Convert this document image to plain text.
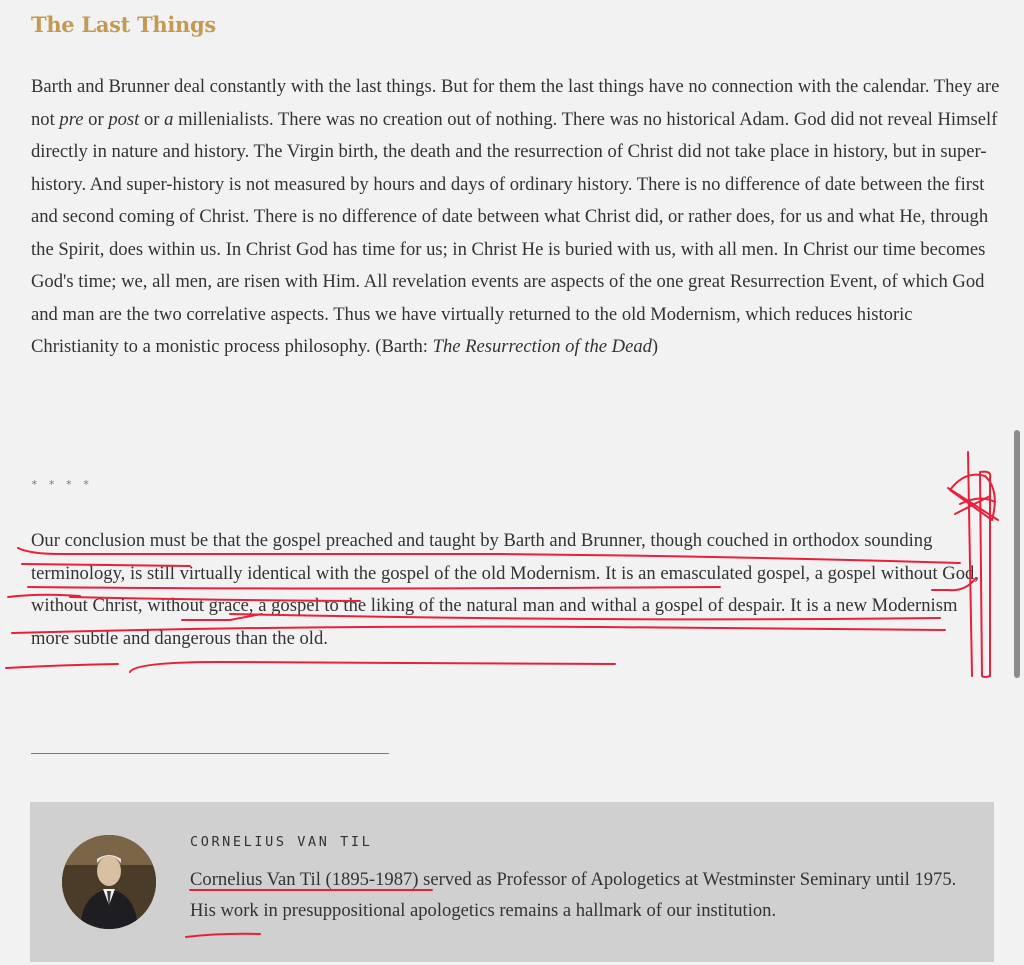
The Last Things

Barth and Brunner deal constantly with the last things. But for them the last things have no connection with the calendar. They are not pre or post or a millenialists. There was no creation out of nothing. There was no historical Adam. God did not reveal Himself directly in nature and history. The Virgin birth, the death and the resurrection of Christ did not take place in history, but in super-history. And super-history is not measured by hours and days of ordinary history. There is no difference of date between the first and second coming of Christ. There is no difference of date between what Christ did, or rather does, for us and what He, through the Spirit, does within us. In Christ God has time for us; in Christ He is buried with us, with all men. In Christ our time becomes God's time; we, all men, are risen with Him. All revelation events are aspects of the one great Resurrection Event, of which God and man are the two correlative aspects. Thus we have virtually returned to the old Modernism, which reduces historic Christianity to a monistic process philosophy. (Barth: The Resurrection of the Dead)

* * * *

Our conclusion must be that the gospel preached and taught by Barth and Brunner, though couched in orthodox sounding terminology, is still virtually identical with the gospel of the old Modernism. It is an emasculated gospel, a gospel without God, without Christ, without grace, a gospel to the liking of the natural man and withal a gospel of despair. It is a new Modernism more subtle and dangerous than the old.

CORNELIUS VAN TIL

Cornelius Van Til (1895-1987) served as Professor of Apologetics at Westminster Seminary until 1975. His work in presuppositional apologetics remains a hallmark of our institution.
